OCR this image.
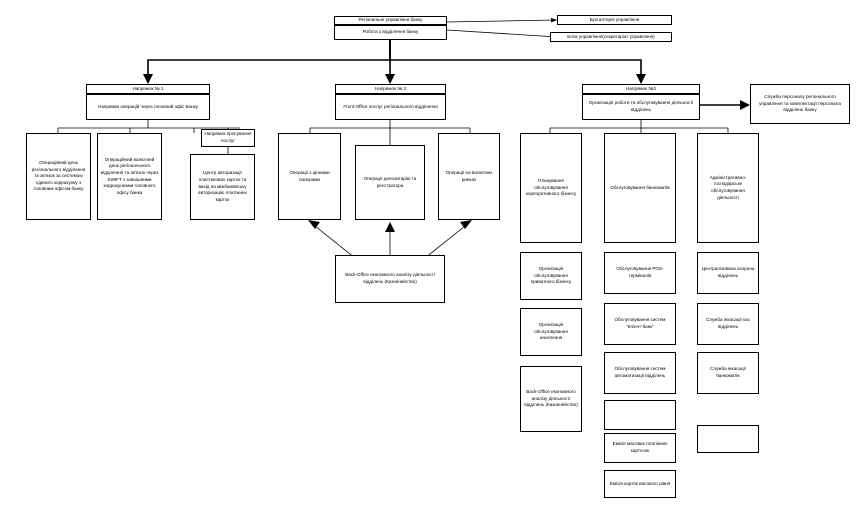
Регіональне управління банку
Робота з відділення банку
Бухгалтерія управління
Блок управління(секретаріат управління)
Напрямок № 1
Напрямки операцій через головний офіс Банку
Напрямок № 2
Front-Office послуг регіонального відділення
Напрямок №3
Організація роботи та обслуговування діяльності відділень
Служба персоналу регіонального управління та комплектації персонала відділень банку
Напрямок просування послуг
Операційний день регіонального відділення та зв'язок за системою єдиного коррахунку з головним офісом банку
Операційний валютний день регіонального відділення та зв'язок через SWIFT з зовнішними коррахунками головного офісу банка
Центр авторизації пластикових карток та вихід на міжбанківську авторизацію платіжних карток
Операції з цінними паперами	Операції депозитарію та реєстратора
Операції на валютних ринках
Back-Office економного аналізу діяльності відділень (Казначейство)
Планування обслуговування корпоративного бізнесу
Організація обслуговування приватного бізнесу
Організація обслуговування населення
Back-Office економного аналізу діяльності відділень (Казначейство)
Обслуговування банкоматів
Обслуговування POS-терміналів
Обслуговування систем "Клієнт-банк"
Обслуговування систем автоматизації відділень
Емісія масових платіжних карточок
Емісія карток високого рівня
Адміністративно-господарське обслуговування діяльності
Централізована охорона відділень
Служба інкасації кас відділень
Служба інкасації банкоматів
